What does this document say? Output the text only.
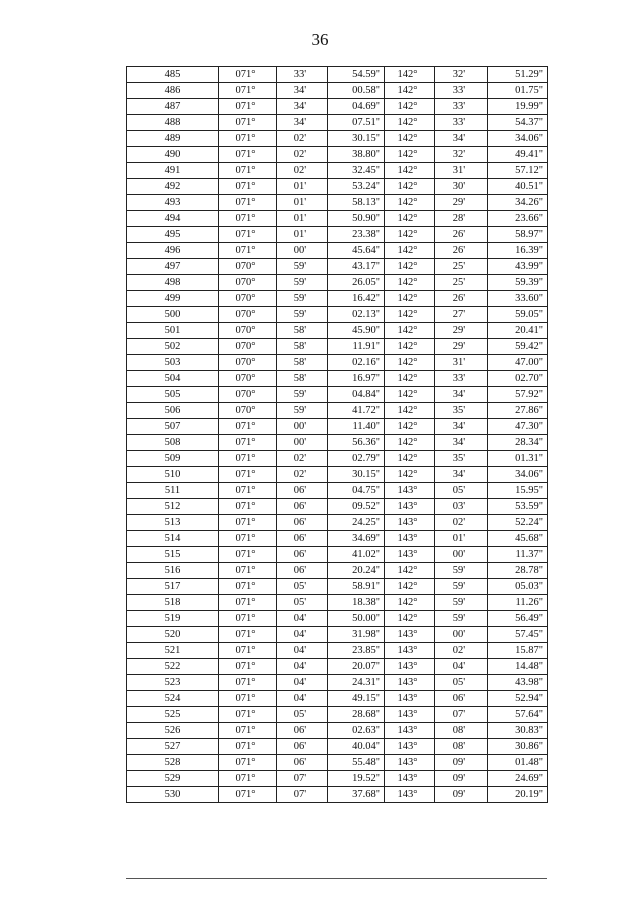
36
485	071°	33'	54.59"	142°	32'	51.29"
486	071°	34'	00.58"	142°	33'	01.75"
487	071°	34'	04.69"	142°	33'	19.99"
488	071°	34'	07.51"	142°	33'	54.37"
489	071°	02'	30.15"	142°	34'	34.06"
490	071°	02'	38.80"	142°	32'	49.41"
491	071°	02'	32.45"	142°	31'	57.12"
492	071°	01'	53.24"	142°	30'	40.51"
493	071°	01'	58.13"	142°	29'	34.26"
494	071°	01'	50.90"	142°	28'	23.66"
495	071°	01'	23.38"	142°	26'	58.97"
496	071°	00'	45.64"	142°	26'	16.39"
497	070°	59'	43.17"	142°	25'	43.99"
498	070°	59'	26.05"	142°	25'	59.39"
499	070°	59'	16.42"	142°	26'	33.60"
500	070°	59'	02.13"	142°	27'	59.05"
501	070°	58'	45.90"	142°	29'	20.41"
502	070°	58'	11.91"	142°	29'	59.42"
503	070°	58'	02.16"	142°	31'	47.00"
504	070°	58'	16.97"	142°	33'	02.70"
505	070°	59'	04.84"	142°	34'	57.92"
506	070°	59'	41.72"	142°	35'	27.86"
507	071°	00'	11.40"	142°	34'	47.30"
508	071°	00'	56.36"	142°	34'	28.34"
509	071°	02'	02.79"	142°	35'	01.31"
510	071°	02'	30.15"	142°	34'	34.06"
511	071°	06'	04.75"	143°	05'	15.95"
512	071°	06'	09.52"	143°	03'	53.59"
513	071°	06'	24.25"	143°	02'	52.24"
514	071°	06'	34.69"	143°	01'	45.68"
515	071°	06'	41.02"	143°	00'	11.37"
516	071°	06'	20.24"	142°	59'	28.78"
517	071°	05'	58.91"	142°	59'	05.03"
518	071°	05'	18.38"	142°	59'	11.26"
519	071°	04'	50.00"	142°	59'	56.49"
520	071°	04'	31.98"	143°	00'	57.45"
521	071°	04'	23.85"	143°	02'	15.87"
522	071°	04'	20.07"	143°	04'	14.48"
523	071°	04'	24.31"	143°	05'	43.98"
524	071°	04'	49.15"	143°	06'	52.94"
525	071°	05'	28.68"	143°	07'	57.64"
526	071°	06'	02.63"	143°	08'	30.83"
527	071°	06'	40.04"	143°	08'	30.86"
528	071°	06'	55.48"	143°	09'	01.48"
529	071°	07'	19.52"	143°	09'	24.69"
530	071°	07'	37.68"	143°	09'	20.19"
